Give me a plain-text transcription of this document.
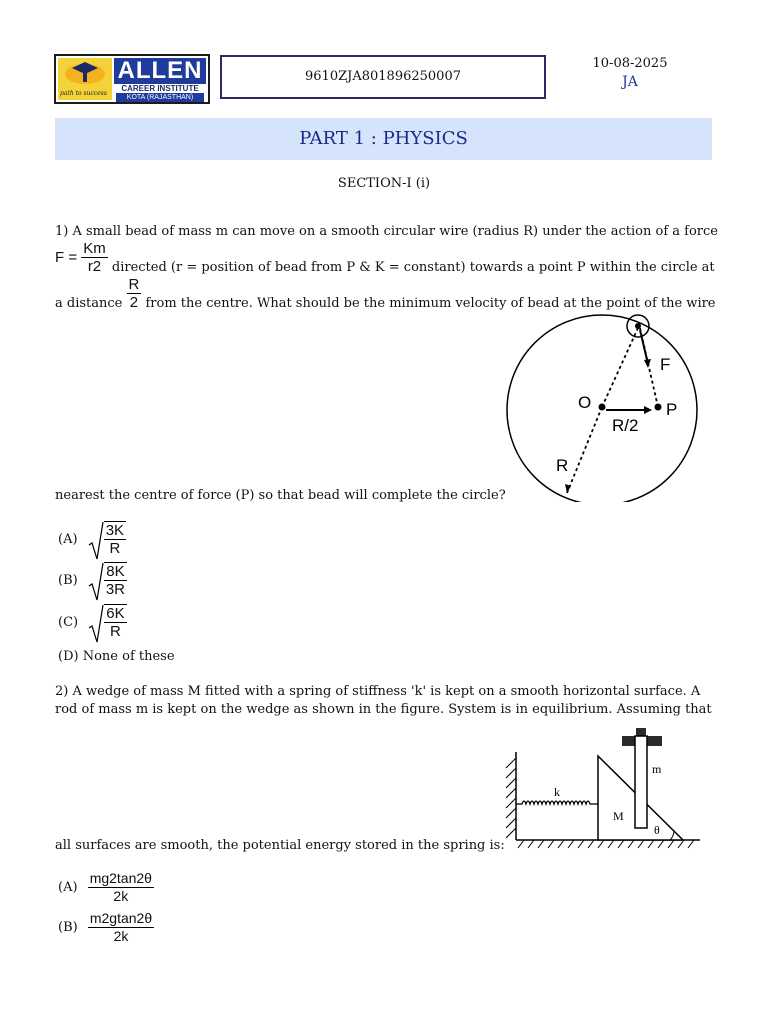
path to success
ALLEN
CAREER INSTITUTE
KOTA (RAJASTHAN)
9610ZJA801896250007
10-08-2025
JA
PART 1 : PHYSICS
SECTION-I (i)
1) A small bead of mass m can move on a smooth circular wire (radius R) under the action of a force
$F = \frac{Km}{r2}$ directed (r = position of bead from P & K = constant) towards a point P within the circle at
a distance $\frac{R}{2}$ from the centre. What should be the minimum velocity of bead at the point of the wire
O	P
F
R/2
R
nearest the centre of force (P) so that bead will complete the circle?
$(A) \frac{3K}{R}$
$(B) \frac{8K}{3R}$
$(C) \frac{6K}{R}$
(D) None of these
2) A wedge of mass M fitted with a spring of stiffness 'k' is kept on a smooth horizontal surface. A
rod of mass m is kept on the wedge as shown in the figure. System is in equilibrium. Assuming that
k
M
m
θ
all surfaces are smooth, the potential energy stored in the spring is:
$(A) \frac{mg2\tan 2\theta}{2k}$
$(B) \frac{m2gtan2\theta}{2k}$
